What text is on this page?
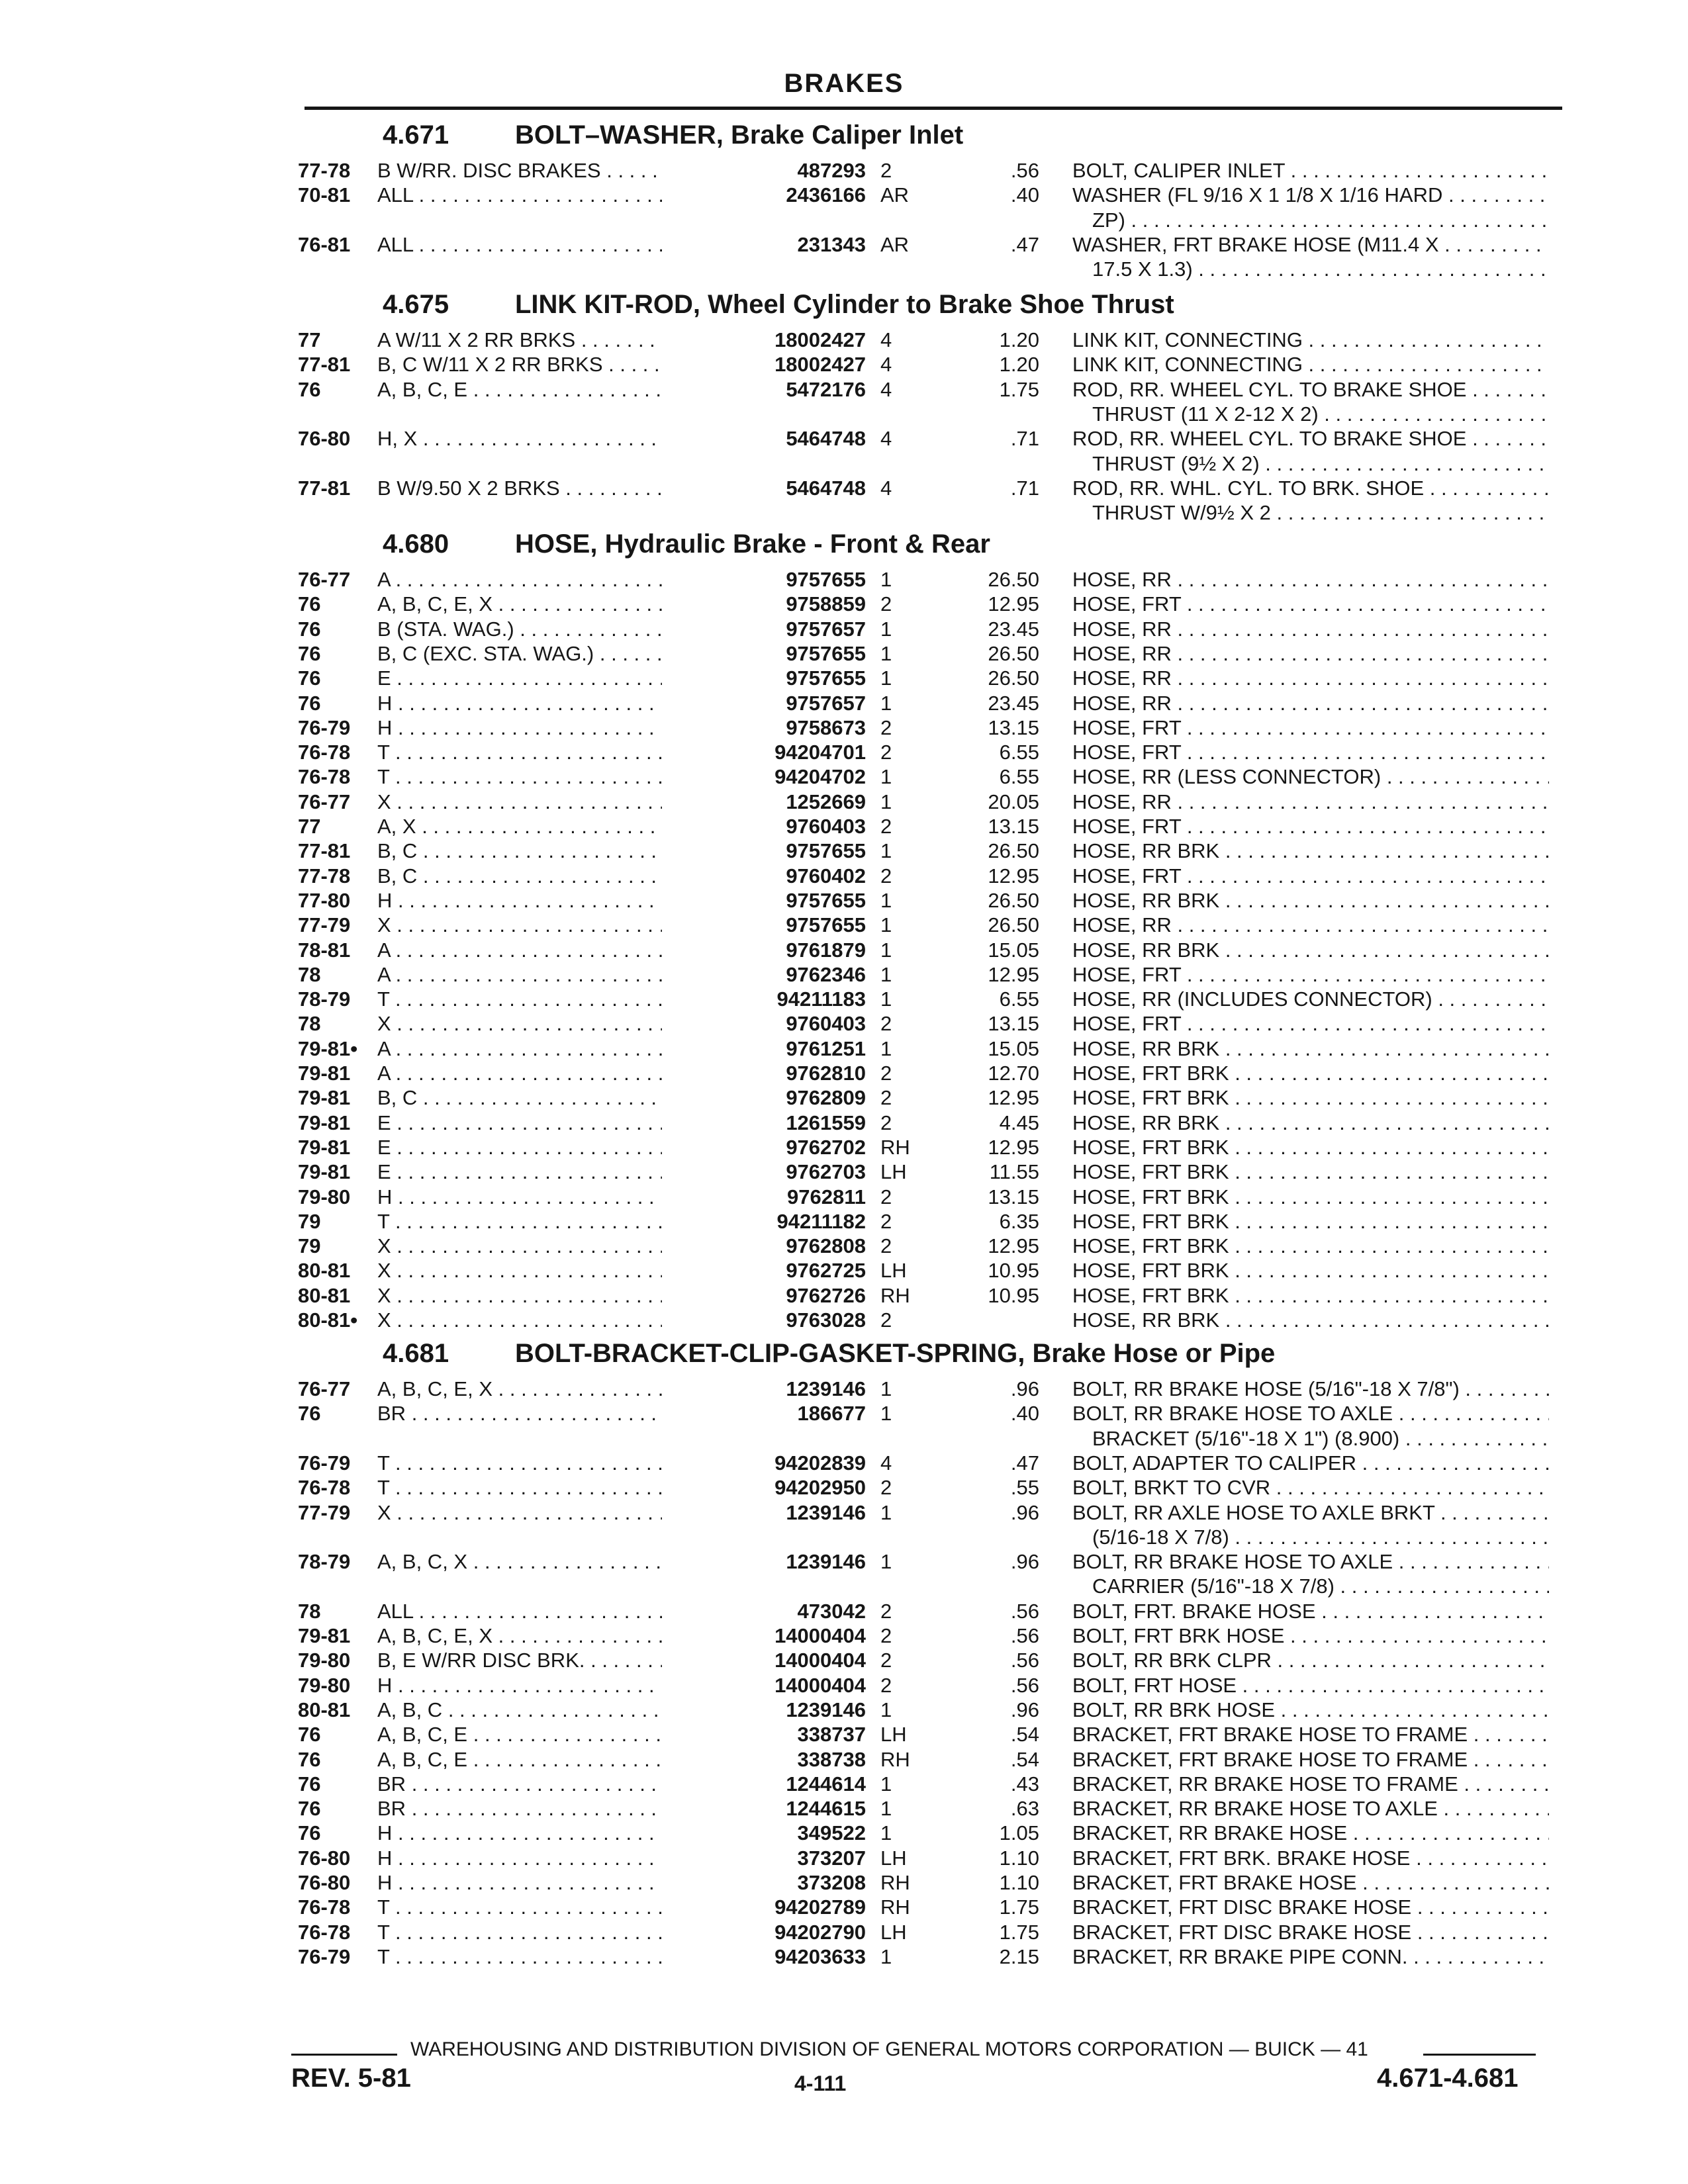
BRAKES
4.671 BOLT–WASHER, Brake Caliper Inlet
77-78	B W/RR. DISC BRAKES . . .	487293 2	.56 BOLT, CALIPER INLET . . .
70-81	ALL . . .	2436166 AR	.40 WASHER (FL 9/16 X 1 1/8 X 1/16 HARD . . .
ZP) . . .
76-81	ALL . . .	231343 AR	.47 WASHER, FRT BRAKE HOSE (M11.4 X . . .
17.5 X 1.3) . . .
4.675 LINK KIT-ROD, Wheel Cylinder to Brake Shoe Thrust
77	A W/11 X 2 RR BRKS . . .	18002427 4	1.20 LINK KIT, CONNECTING . . .
77-81	B, C W/11 X 2 RR BRKS . . .	18002427 4	1.20 LINK KIT, CONNECTING . . .
76	A, B, C, E . . .	5472176 4	1.75 ROD, RR. WHEEL CYL. TO BRAKE SHOE . . .
THRUST (11 X 2-12 X 2) . . .
76-80	H, X . . .	5464748 4	.71 ROD, RR. WHEEL CYL. TO BRAKE SHOE . . .
THRUST (9½ X 2) . . .
77-81	B W/9.50 X 2 BRKS . . .	5464748 4	.71 ROD, RR. WHL. CYL. TO BRK. SHOE . . .
THRUST W/9½ X 2 . . .
4.680 HOSE, Hydraulic Brake - Front & Rear
76-77	A . . .	9757655 1	26.50 HOSE, RR . . .
76	A, B, C, E, X . . .	9758859 2	12.95 HOSE, FRT . . .
76	B (STA. WAG.) . . .	9757657 1	23.45 HOSE, RR . . .
76	B, C (EXC. STA. WAG.) . . .	9757655 1	26.50 HOSE, RR . . .
76	E . . .	9757655 1	26.50 HOSE, RR . . .
76	H . . .	9757657 1	23.45 HOSE, RR . . .
76-79	H . . .	9758673 2	13.15 HOSE, FRT . . .
76-78	T . . .	94204701 2	6.55 HOSE, FRT . . .
76-78	T . . .	94204702 1	6.55 HOSE, RR (LESS CONNECTOR) . . .
76-77	X . . .	1252669 1	20.05 HOSE, RR . . .
77	A, X . . .	9760403 2	13.15 HOSE, FRT . . .
77-81	B, C . . .	9757655 1	26.50 HOSE, RR BRK . . .
77-78	B, C . . .	9760402 2	12.95 HOSE, FRT . . .
77-80	H . . .	9757655 1	26.50 HOSE, RR BRK . . .
77-79	X . . .	9757655 1	26.50 HOSE, RR . . .
78-81	A . . .	9761879 1	15.05 HOSE, RR BRK . . .
78	A . . .	9762346 1	12.95 HOSE, FRT . . .
78-79	T . . .	94211183 1	6.55 HOSE, RR (INCLUDES CONNECTOR) . . .
78	X . . .	9760403 2	13.15 HOSE, FRT . . .
79-81• A . . .	9761251 1	15.05 HOSE, RR BRK . . .
79-81	A . . .	9762810 2	12.70 HOSE, FRT BRK . . .
79-81	B, C . . .	9762809 2	12.95 HOSE, FRT BRK . . .
79-81	E . . .	1261559 2	4.45 HOSE, RR BRK . . .
79-81	E . . .	9762702 RH	12.95 HOSE, FRT BRK . . .
79-81	E . . .	9762703 LH	11.55 HOSE, FRT BRK . . .
79-80	H . . .	9762811 2	13.15 HOSE, FRT BRK . . .
79	T . . .	94211182 2	6.35 HOSE, FRT BRK . . .
79	X . . .	9762808 2	12.95 HOSE, FRT BRK . . .
80-81	X . . .	9762725 LH	10.95 HOSE, FRT BRK . . .
80-81	X . . .	9762726 RH	10.95 HOSE, FRT BRK . . .
80-81• X . . .	9763028 2	HOSE, RR BRK . . .
4.681 BOLT-BRACKET-CLIP-GASKET-SPRING, Brake Hose or Pipe
76-77	A, B, C, E, X . . .	1239146 1	.96 BOLT, RR BRAKE HOSE (5/16"-18 X 7/8") . . .
76	BR . . .	186677 1	.40 BOLT, RR BRAKE HOSE TO AXLE . . .
BRACKET (5/16"-18 X 1") (8.900) . . .
76-79	T . . .	94202839 4	.47 BOLT, ADAPTER TO CALIPER . . .
76-78	T . . .	94202950 2	.55 BOLT, BRKT TO CVR . . .
77-79	X . . .	1239146 1	.96 BOLT, RR AXLE HOSE TO AXLE BRKT . . .
(5/16-18 X 7/8) . . .
78-79	A, B, C, X . . .	1239146 1	.96 BOLT, RR BRAKE HOSE TO AXLE . . .
CARRIER (5/16"-18 X 7/8) . . .
78	ALL . . .	473042 2	.56 BOLT, FRT. BRAKE HOSE . . .
79-81	A, B, C, E, X . . .	14000404 2	.56 BOLT, FRT BRK HOSE . . .
79-80	B, E W/RR DISC BRK. . . .	14000404 2	.56 BOLT, RR BRK CLPR . . .
79-80	H . . .	14000404 2	.56 BOLT, FRT HOSE . . .
80-81	A, B, C . . .	1239146 1	.96 BOLT, RR BRK HOSE . . .
76	A, B, C, E . . .	338737 LH	.54 BRACKET, FRT BRAKE HOSE TO FRAME . . .
76	A, B, C, E . . .	338738 RH	.54 BRACKET, FRT BRAKE HOSE TO FRAME . . .
76	BR . . .	1244614 1	.43 BRACKET, RR BRAKE HOSE TO FRAME . . .
76	BR . . .	1244615 1	.63 BRACKET, RR BRAKE HOSE TO AXLE . . .
76	H . . .	349522 1	1.05 BRACKET, RR BRAKE HOSE . . .
76-80	H . . .	373207 LH	1.10 BRACKET, FRT BRK. BRAKE HOSE . . .
76-80	H . . .	373208 RH	1.10 BRACKET, FRT BRAKE HOSE . . .
76-78	T . . .	94202789 RH	1.75 BRACKET, FRT DISC BRAKE HOSE . . .
76-78	T . . .	94202790 LH	1.75 BRACKET, FRT DISC BRAKE HOSE . . .
76-79	T . . .	94203633 1	2.15 BRACKET, RR BRAKE PIPE CONN. . . .
WAREHOUSING AND DISTRIBUTION DIVISION OF GENERAL MOTORS CORPORATION — BUICK — 41
REV. 5-81	4-111	4.671-4.681
